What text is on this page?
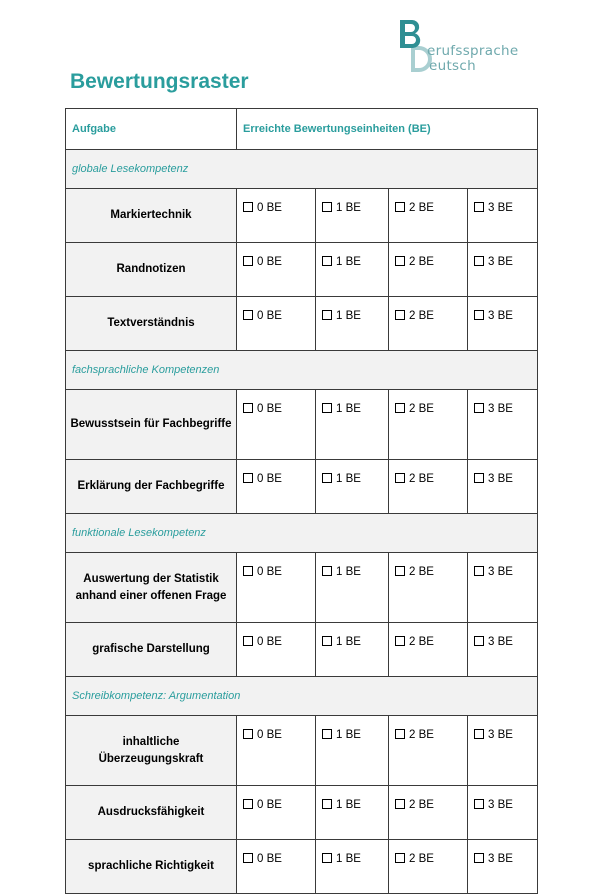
erufssprache
eutsch
Bewertungsraster
Aufgabe	Erreichte Bewertungseinheiten (BE)			
globale Lesekompetenz				
Markiertechnik	0 BE	1 BE	2 BE	3 BE
Randnotizen	0 BE	1 BE	2 BE	3 BE
Textverständnis	0 BE	1 BE	2 BE	3 BE
fachsprachliche Kompetenzen				
Bewusstsein für Fachbegriffe	0 BE	1 BE	2 BE	3 BE
Erklärung der Fachbegriffe	0 BE	1 BE	2 BE	3 BE
funktionale Lesekompetenz				
Auswertung der Statistik anhand einer offenen Frage	0 BE	1 BE	2 BE	3 BE
grafische Darstellung	0 BE	1 BE	2 BE	3 BE
Schreibkompetenz: Argumentation				
inhaltliche Überzeugungskraft	0 BE	1 BE	2 BE	3 BE
Ausdrucksfähigkeit	0 BE	1 BE	2 BE	3 BE
sprachliche Richtigkeit	0 BE	1 BE	2 BE	3 BE
